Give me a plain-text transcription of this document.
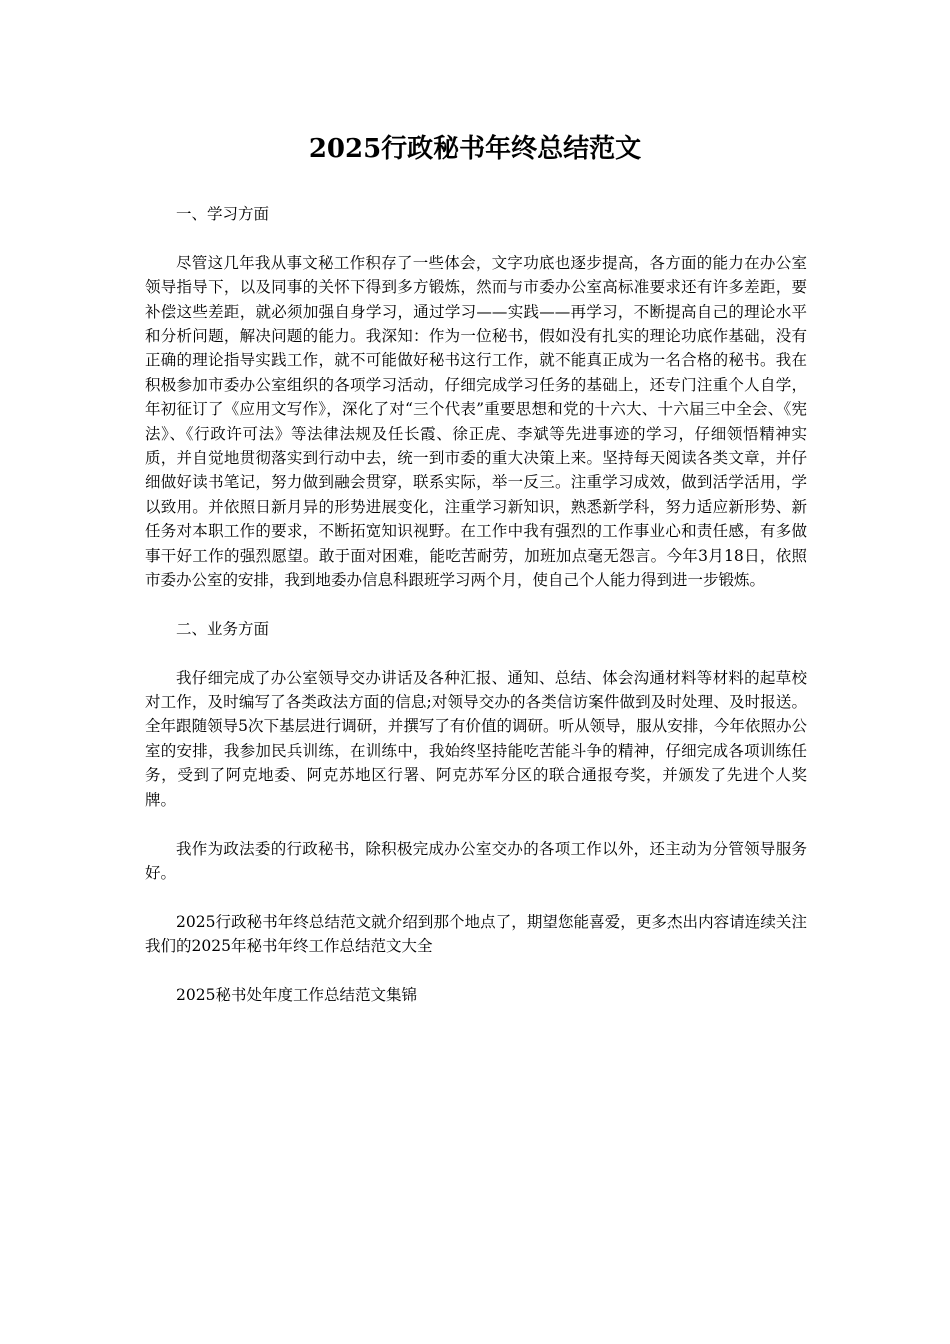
2025行政秘书年终总结范文

一、学习方面

尽管这几年我从事文秘工作积存了一些体会，文字功底也逐步提高，各方面的能力在办公室领导指导下，以及同事的关怀下得到多方锻炼，然而与市委办公室高标准要求还有许多差距，要补偿这些差距，就必须加强自身学习，通过学习——实践——再学习，不断提高自己的理论水平和分析问题，解决问题的能力。我深知：作为一位秘书，假如没有扎实的理论功底作基础，没有正确的理论指导实践工作，就不可能做好秘书这行工作，就不能真正成为一名合格的秘书。我在积极参加市委办公室组织的各项学习活动，仔细完成学习任务的基础上，还专门注重个人自学，年初征订了《应用文写作》，深化了对“三个代表”重要思想和党的十六大、十六届三中全会、《宪法》、《行政许可法》等法律法规及任长霞、徐正虎、李斌等先进事迹的学习，仔细领悟精神实质，并自觉地贯彻落实到行动中去，统一到市委的重大决策上来。坚持每天阅读各类文章，并仔细做好读书笔记，努力做到融会贯穿，联系实际，举一反三。注重学习成效，做到活学活用，学以致用。并依照日新月异的形势进展变化，注重学习新知识，熟悉新学科，努力适应新形势、新任务对本职工作的要求，不断拓宽知识视野。在工作中我有强烈的工作事业心和责任感，有多做事干好工作的强烈愿望。敢于面对困难，能吃苦耐劳，加班加点毫无怨言。今年3月18日，依照市委办公室的安排，我到地委办信息科跟班学习两个月，使自己个人能力得到进一步锻炼。

二、业务方面

我仔细完成了办公室领导交办讲话及各种汇报、通知、总结、体会沟通材料等材料的起草校对工作，及时编写了各类政法方面的信息;对领导交办的各类信访案件做到及时处理、及时报送。全年跟随领导5次下基层进行调研，并撰写了有价值的调研。听从领导，服从安排，今年依照办公室的安排，我参加民兵训练，在训练中，我始终坚持能吃苦能斗争的精神，仔细完成各项训练任务，受到了阿克地委、阿克苏地区行署、阿克苏军分区的联合通报夸奖，并颁发了先进个人奖牌。

我作为政法委的行政秘书，除积极完成办公室交办的各项工作以外，还主动为分管领导服务好。

2025行政秘书年终总结范文就介绍到那个地点了，期望您能喜爱，更多杰出内容请连续关注我们的2025年秘书年终工作总结范文大全

2025秘书处年度工作总结范文集锦
